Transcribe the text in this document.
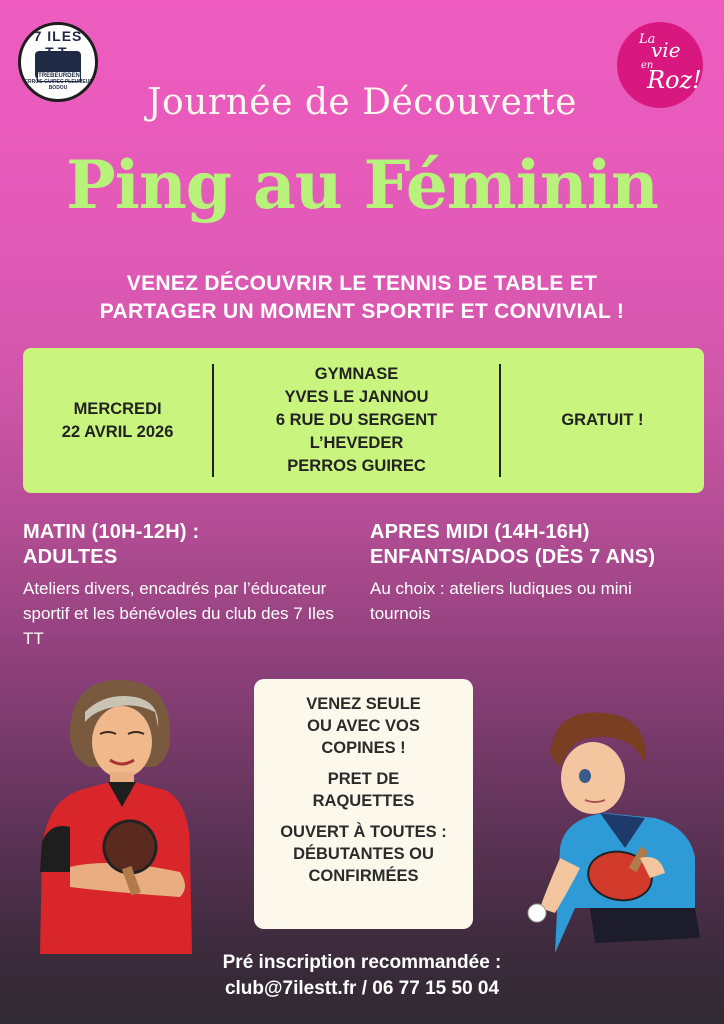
7 ILES
TREBEURDEN
PERROS-GUIREC PLEUMEUR-BODOU
La
vie
en
Roz!
Journée de Découverte
Ping au Féminin
VENEZ DÉCOUVRIR LE TENNIS DE TABLE ET
PARTAGER UN MOMENT SPORTIF ET CONVIVIAL !
MERCREDI
22 AVRIL 2026
GYMNASE
YVES LE JANNOU
6 RUE DU SERGENT
L’HEVEDER
PERROS GUIREC
GRATUIT !
MATIN (10H-12H) :
ADULTES

Ateliers divers, encadrés par l’éducateur sportif et les bénévoles du club des 7 Iles TT

APRES MIDI (14H-16H)
ENFANTS/ADOS (DÈS 7 ANS)

Au choix : ateliers ludiques ou mini tournois

VENEZ SEULE
OU AVEC VOS
COPINES !
PRET DE
RAQUETTES
OUVERT À TOUTES :
DÉBUTANTES OU
CONFIRMÉES
Pré inscription recommandée :
club@7ilestt.fr / 06 77 15 50 04
